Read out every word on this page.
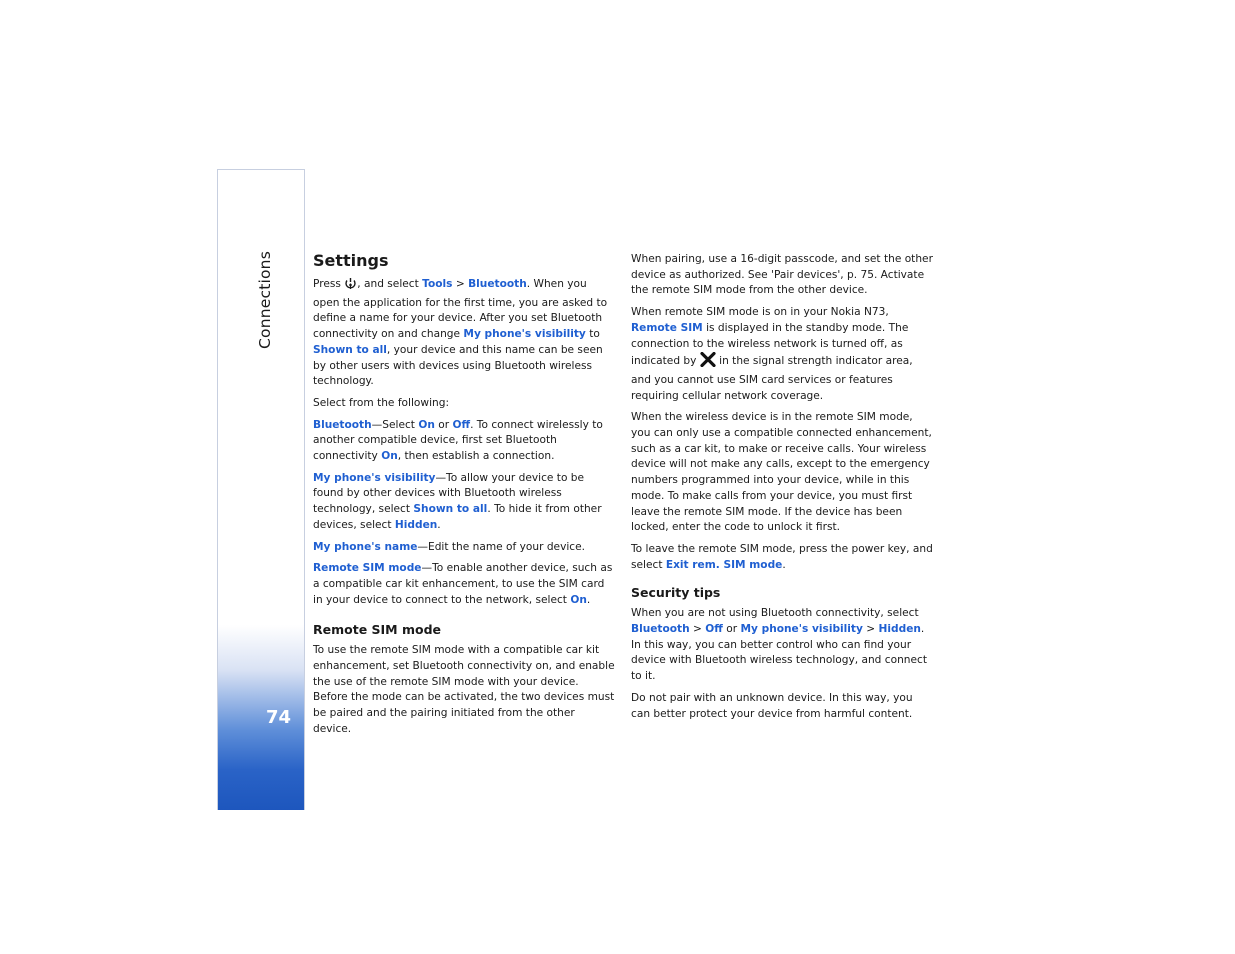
Connections
74
Settings

Press , and select Tools > Bluetooth. When you open the application for the first time, you are asked to define a name for your device. After you set Bluetooth connectivity on and change My phone's visibility to Shown to all, your device and this name can be seen by other users with devices using Bluetooth wireless technology.

Select from the following:

Bluetooth—Select On or Off. To connect wirelessly to another compatible device, first set Bluetooth connectivity On, then establish a connection.

My phone's visibility—To allow your device to be found by other devices with Bluetooth wireless technology, select Shown to all. To hide it from other devices, select Hidden.

My phone's name—Edit the name of your device.

Remote SIM mode—To enable another device, such as a compatible car kit enhancement, to use the SIM card in your device to connect to the network, select On.

Remote SIM mode

To use the remote SIM mode with a compatible car kit enhancement, set Bluetooth connectivity on, and enable the use of the remote SIM mode with your device. Before the mode can be activated, the two devices must be paired and the pairing initiated from the other device.

When pairing, use a 16-digit passcode, and set the other device as authorized. See 'Pair devices', p. 75. Activate the remote SIM mode from the other device.

When remote SIM mode is on in your Nokia N73, Remote SIM is displayed in the standby mode. The connection to the wireless network is turned off, as indicated by  in the signal strength indicator area, and you cannot use SIM card services or features requiring cellular network coverage.

When the wireless device is in the remote SIM mode, you can only use a compatible connected enhancement, such as a car kit, to make or receive calls. Your wireless device will not make any calls, except to the emergency numbers programmed into your device, while in this mode. To make calls from your device, you must first leave the remote SIM mode. If the device has been locked, enter the code to unlock it first.

To leave the remote SIM mode, press the power key, and select Exit rem. SIM mode.

Security tips

When you are not using Bluetooth connectivity, select Bluetooth > Off or My phone's visibility > Hidden. In this way, you can better control who can find your device with Bluetooth wireless technology, and connect to it.

Do not pair with an unknown device. In this way, you can better protect your device from harmful content.
